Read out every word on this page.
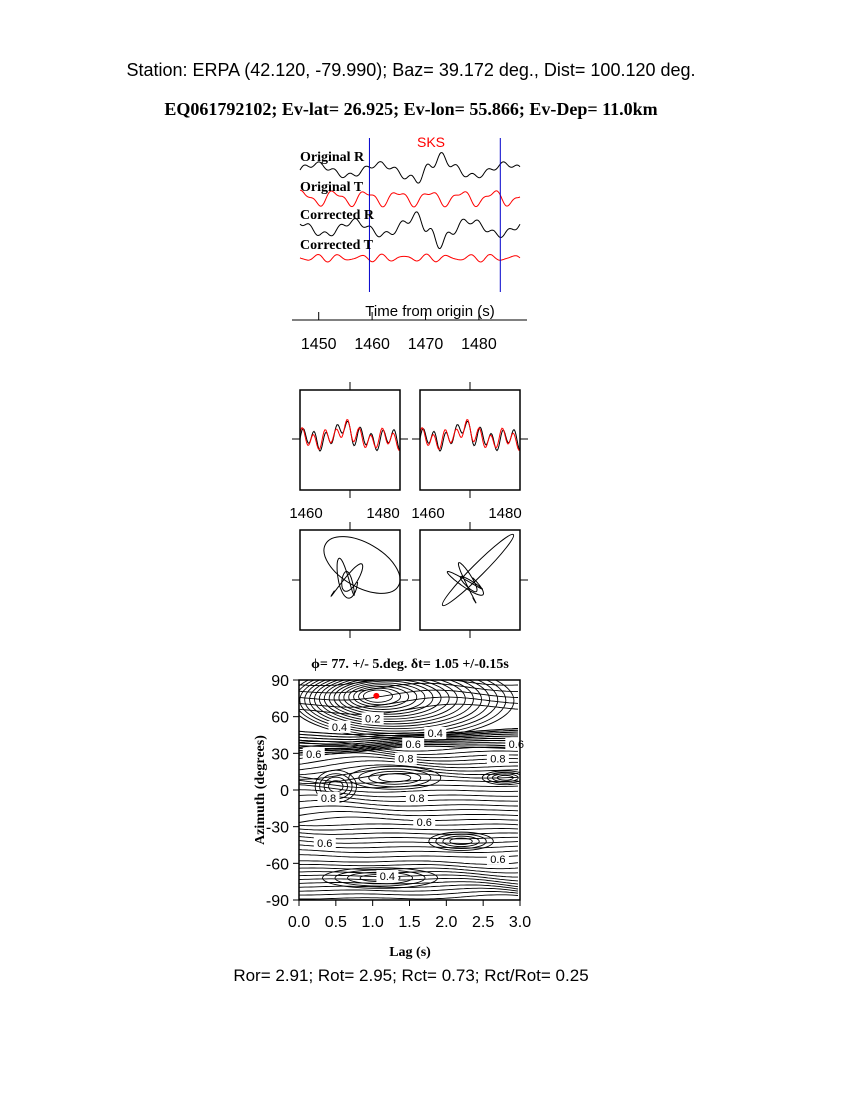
Station: ERPA (42.120, -79.990); Baz= 39.172 deg., Dist= 100.120 deg.
EQ061792102; Ev-lat= 26.925; Ev-lon= 55.866; Ev-Dep= 11.0km
SKS
Original R
Original T
Corrected R
Corrected T
Time from origin (s)
1450 1460 1470 1480
1460	1480 1460	1480
ϕ= 77. +/- 5.deg. δt= 1.05 +/-0.15s
0.2
0.4
0.4
0.6
0.8
0.6
0.8
0.6
0.8	0.8
0.6
0.6
0.6
0.4
0.0 0.5 1.0 1.5 2.0 2.5 3.0
90
60
30
0
-30
-60
-90
Lag (s)
Azimuth (degrees)
Ror= 2.91; Rot= 2.95; Rct= 0.73; Rct/Rot= 0.25
